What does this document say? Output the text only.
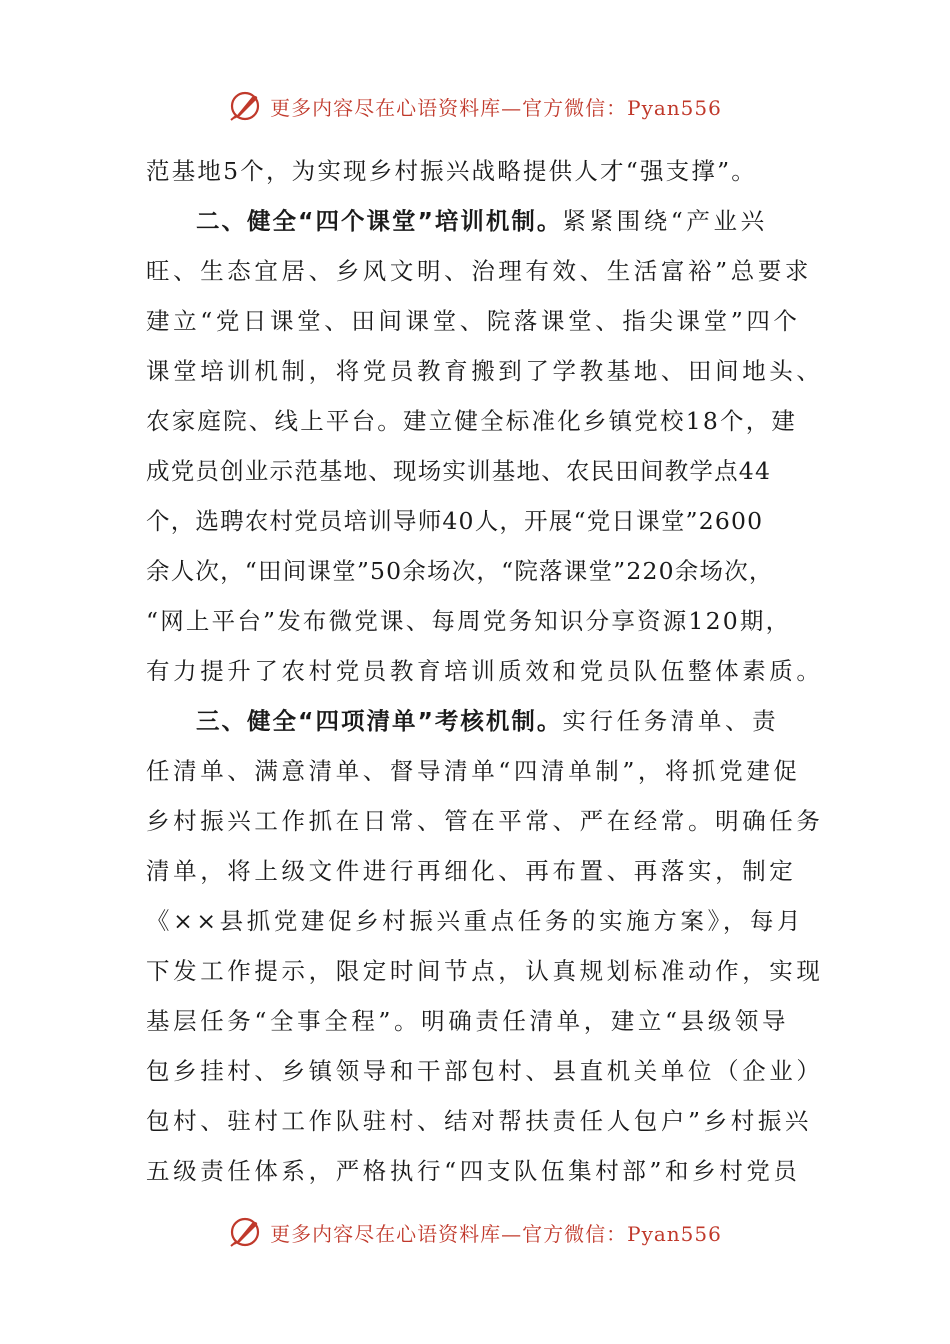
更多内容尽在心语资料库—官方微信：Pyan556
范基地5个，为实现乡村振兴战略提供人才“强支撑”。
二、健全“四个课堂”培训机制。紧紧围绕“产业兴
旺、生态宜居、乡风文明、治理有效、生活富裕”总要求
建立“党日课堂、田间课堂、院落课堂、指尖课堂”四个
课堂培训机制，将党员教育搬到了学教基地、田间地头、
农家庭院、线上平台。建立健全标准化乡镇党校18个，建
成党员创业示范基地、现场实训基地、农民田间教学点44
个，选聘农村党员培训导师40人，开展“党日课堂”2600
余人次，“田间课堂”50余场次，“院落课堂”220余场次，
“网上平台”发布微党课、每周党务知识分享资源120期，
有力提升了农村党员教育培训质效和党员队伍整体素质。
三、健全“四项清单”考核机制。实行任务清单、责
任清单、满意清单、督导清单“四清单制”，将抓党建促
乡村振兴工作抓在日常、管在平常、严在经常。明确任务
清单，将上级文件进行再细化、再布置、再落实，制定
《××县抓党建促乡村振兴重点任务的实施方案》，每月
下发工作提示，限定时间节点，认真规划标准动作，实现
基层任务“全事全程”。明确责任清单，建立“县级领导
包乡挂村、乡镇领导和干部包村、县直机关单位（企业）
包村、驻村工作队驻村、结对帮扶责任人包户”乡村振兴
五级责任体系，严格执行“四支队伍集村部”和乡村党员
更多内容尽在心语资料库—官方微信：Pyan556
